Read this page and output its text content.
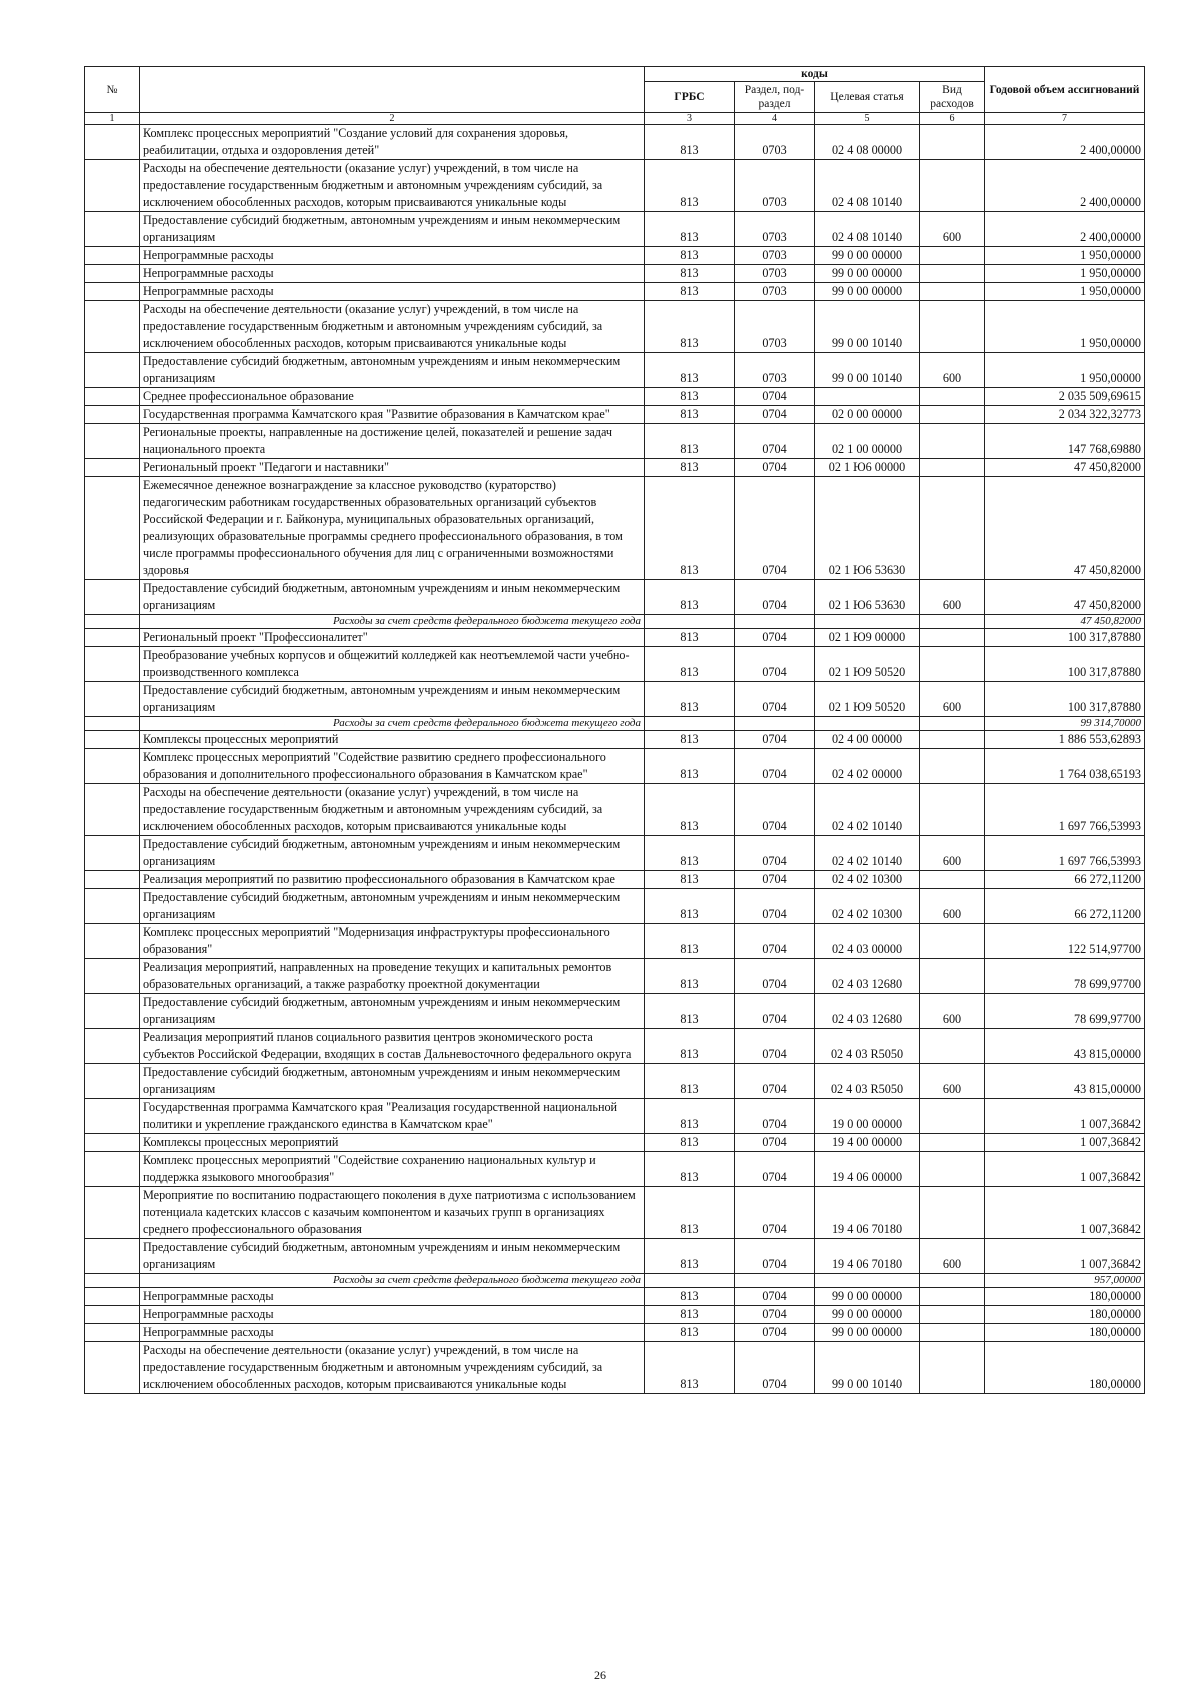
№		коды				Годовой объем ассигнований
		ГРБС	Раздел, под-раздел	Целевая статья	Вид расходов	
1	2	3	4	5	6	7
	Комплекс процессных мероприятий "Создание условий для сохранения здоровья, реабилитации, отдыха и оздоровления детей"	813	0703	02 4 08 00000		2 400,00000
	Расходы на обеспечение деятельности (оказание услуг) учреждений, в том числе на предоставление государственным бюджетным и автономным учреждениям субсидий, за исключением обособленных расходов, которым присваиваются уникальные коды	813	0703	02 4 08 10140		2 400,00000
	Предоставление субсидий бюджетным, автономным учреждениям и иным некоммерческим организациям	813	0703	02 4 08 10140	600	2 400,00000
	Непрограммные расходы	813	0703	99 0 00 00000		1 950,00000
	Непрограммные расходы	813	0703	99 0 00 00000		1 950,00000
	Непрограммные расходы	813	0703	99 0 00 00000		1 950,00000
	Расходы на обеспечение деятельности (оказание услуг) учреждений, в том числе на предоставление государственным бюджетным и автономным учреждениям субсидий, за исключением обособленных расходов, которым присваиваются уникальные коды	813	0703	99 0 00 10140		1 950,00000
	Предоставление субсидий бюджетным, автономным учреждениям и иным некоммерческим организациям	813	0703	99 0 00 10140	600	1 950,00000
	Среднее профессиональное образование	813	0704			2 035 509,69615
	Государственная программа Камчатского края "Развитие образования в Камчатском крае"	813	0704	02 0 00 00000		2 034 322,32773
	Региональные проекты, направленные на достижение целей, показателей и решение задач национального проекта	813	0704	02 1 00 00000		147 768,69880
	Региональный проект "Педагоги и наставники"	813	0704	02 1 Ю6 00000		47 450,82000
	Ежемесячное денежное вознаграждение за классное руководство (кураторство) педагогическим работникам государственных образовательных организаций субъектов Российской Федерации и г. Байконура, муниципальных образовательных организаций, реализующих образовательные программы среднего профессионального образования, в том числе программы профессионального обучения для лиц с ограниченными возможностями здоровья	813	0704	02 1 Ю6 53630		47 450,82000
	Предоставление субсидий бюджетным, автономным учреждениям и иным некоммерческим организациям	813	0704	02 1 Ю6 53630	600	47 450,82000
	Расходы за счет средств федерального бюджета текущего года					47 450,82000
	Региональный проект "Профессионалитет"	813	0704	02 1 Ю9 00000		100 317,87880
	Преобразование учебных корпусов и общежитий колледжей как неотъемлемой части учебно-производственного комплекса	813	0704	02 1 Ю9 50520		100 317,87880
	Предоставление субсидий бюджетным, автономным учреждениям и иным некоммерческим организациям	813	0704	02 1 Ю9 50520	600	100 317,87880
	Расходы за счет средств федерального бюджета текущего года					99 314,70000
	Комплексы процессных мероприятий	813	0704	02 4 00 00000		1 886 553,62893
	Комплекс процессных мероприятий "Содействие развитию среднего профессионального образования и дополнительного профессионального образования в Камчатском крае"	813	0704	02 4 02 00000		1 764 038,65193
	Расходы на обеспечение деятельности (оказание услуг) учреждений, в том числе на предоставление государственным бюджетным и автономным учреждениям субсидий, за исключением обособленных расходов, которым присваиваются уникальные коды	813	0704	02 4 02 10140		1 697 766,53993
	Предоставление субсидий бюджетным, автономным учреждениям и иным некоммерческим организациям	813	0704	02 4 02 10140	600	1 697 766,53993
	Реализация мероприятий по развитию профессионального образования в Камчатском крае	813	0704	02 4 02 10300		66 272,11200
	Предоставление субсидий бюджетным, автономным учреждениям и иным некоммерческим организациям	813	0704	02 4 02 10300	600	66 272,11200
	Комплекс процессных мероприятий "Модернизация инфраструктуры профессионального образования"	813	0704	02 4 03 00000		122 514,97700
	Реализация мероприятий, направленных на проведение текущих и капитальных ремонтов образовательных организаций, а также разработку проектной документации	813	0704	02 4 03 12680		78 699,97700
	Предоставление субсидий бюджетным, автономным учреждениям и иным некоммерческим организациям	813	0704	02 4 03 12680	600	78 699,97700
	Реализация мероприятий планов социального развития центров экономического роста субъектов Российской Федерации, входящих в состав Дальневосточного федерального округа	813	0704	02 4 03 R5050		43 815,00000
	Предоставление субсидий бюджетным, автономным учреждениям и иным некоммерческим организациям	813	0704	02 4 03 R5050	600	43 815,00000
	Государственная программа Камчатского края "Реализация государственной национальной политики и укрепление гражданского единства в Камчатском крае"	813	0704	19 0 00 00000		1 007,36842
	Комплексы процессных мероприятий	813	0704	19 4 00 00000		1 007,36842
	Комплекс процессных мероприятий "Содействие сохранению национальных культур и поддержка языкового многообразия"	813	0704	19 4 06 00000		1 007,36842
	Мероприятие по воспитанию подрастающего поколения в духе патриотизма с использованием потенциала кадетских классов с казачьим компонентом и казачьих групп в организациях среднего профессионального образования	813	0704	19 4 06 70180		1 007,36842
	Предоставление субсидий бюджетным, автономным учреждениям и иным некоммерческим организациям	813	0704	19 4 06 70180	600	1 007,36842
	Расходы за счет средств федерального бюджета текущего года					957,00000
	Непрограммные расходы	813	0704	99 0 00 00000		180,00000
	Непрограммные расходы	813	0704	99 0 00 00000		180,00000
	Непрограммные расходы	813	0704	99 0 00 00000		180,00000
	Расходы на обеспечение деятельности (оказание услуг) учреждений, в том числе на предоставление государственным бюджетным и автономным учреждениям субсидий, за исключением обособленных расходов, которым присваиваются уникальные коды	813	0704	99 0 00 10140		180,00000
26
